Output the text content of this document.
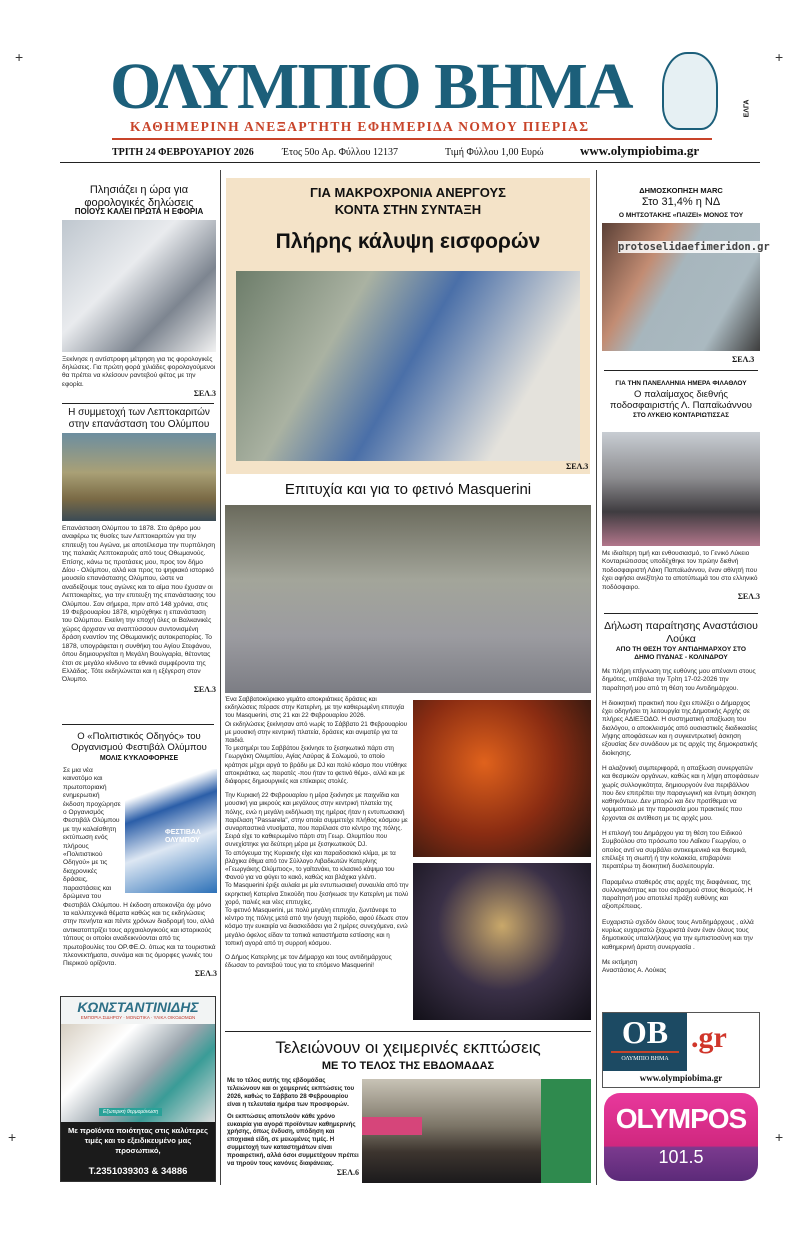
+	+
+	+
ΟΛΥΜΠΙΟ ΒΗΜΑ	ΕΛΓΑ
ΚΑΘΗΜΕΡΙΝΗ ΑΝΕΞΑΡΤΗΤΗ ΕΦΗΜΕΡΙΔΑ ΝΟΜΟΥ ΠΙΕΡΙΑΣ
ΤΡΙΤΗ 24 ΦΕΒΡΟΥΑΡΙΟΥ 2026	Έτος 50ο Αρ. Φύλλου 12137	Τιμή Φύλλου 1,00 Ευρώ	www.olympiobima.gr
Πλησιάζει η ώρα για φορολογικές δηλώσεις
ΠΟΙΟΥΣ ΚΑΛΕΙ ΠΡΩΤΑ Η ΕΦΟΡΙΑ

Ξεκίνησε η αντίστροφη μέτρηση για τις φορολογικές δηλώσεις. Για πρώτη φορά χιλιάδες φορολογούμενοι θα πρέπει να κλείσουν ραντεβού φέτος με την εφορία.

ΣΕΛ.3
Η συμμετοχή των Λεπτοκαριτών στην επανάσταση του Ολύμπου

Επανάσταση Ολύμπου το 1878. Στο άρθρο μου αναφέρω τις θυσίες των Λεπτοκαριτών για την επιτευξη του Αγώνα, με αποτέλεσμα την πυρπόληση της παλαιάς Λεπτοκαρυάς από τους Οθωμανούς. Επίσης, κάνω τις προτάσεις μου, προς τον δήμο Δίου - Ολύμπου, αλλά και προς το ψηφιακό ιστορικό μουσείο επανάστασης Ολύμπου, ώστε να αναδείξουμε τους αγώνες και το αίμα που έχυσαν οι Λεπτοκαρίτες, για την επιτευξη της επανάστασης του Ολύμπου. Σαν σήμερα, πριν από 148 χρόνια, στις 19 Φεβρουαρίου 1878, κηρύχθηκε η επανάσταση του Ολύμπου. Εκείνη την εποχή όλες οι Βαλκανικές χώρες άρχισαν να αναπτύσσουν συντονισμένη δράση εναντίον της Οθωμανικής αυτοκρατορίας. Το 1878, υπογράφεται η συνθήκη του Αγίου Στεφάνου, όπου δημιουργείται η Μεγάλη Βουλγαρία, θέτοντας έτσι σε μεγάλο κίνδυνο τα εθνικά συμφέροντα της Ελλάδας. Τότε εκδηλώνεται και η εξέγερση στον Όλυμπο.

ΣΕΛ.3
Ο «Πολιτιστικός Οδηγός» του Οργανισμού Φεστιβάλ Ολύμπου
ΜΟΛΙΣ ΚΥΚΛΟΦΟΡΗΣΕ
ΦΕΣΤΙΒΑΛ ΟΛΥΜΠΟΥ
Σε μια νέα καινοτόμο και πρωτοποριακή ενημερωτική έκδοση προχώρησε ο Οργανισμός Φεστιβάλ Ολύμπου με την καλαίσθητη εκτύπωση ενός πλήρους «Πολιτιστικού Οδηγού» με τις διαχρονικές δράσεις, παραστάσεις και δρώμενα του Φεστιβάλ Ολύμπου. Η έκδοση απεικονίζει όχι μόνο τα καλλιτεχνικά θέματα καθώς και τις εκδηλώσεις στην πενήντα και πέντε χρόνων διαδρομή του, αλλά αντικατοπτρίζει τους αρχαιολογικούς και ιστορικούς τόπους οι οποίοι αναδεικνύονται από τις πρωτοβουλίες του ΟΡ.ΦΕ.Ο. όπως και τα τουριστικά πλεονεκτήματα, συνάμα και τις όμορφες γωνιές του Πιερικού ορίζοντα.
ΣΕΛ.3
ΚΩΝΣΤΑΝΤΙΝΙΔΗΣ
ΕΜΠΟΡΙΑ ΣΙΔΗΡΟΥ · ΜΟΝΩΤΙΚΑ · ΥΛΙΚΑ ΟΙΚΟΔΟΜΩΝ
Εξωτερική θερμομόνωση
Με προϊόντα ποιότητας στις καλύτερες τιμές και το εξειδικευμένο μας προσωπικό,
Τ.2351039303 & 34886
ΓΙΑ ΜΑΚΡΟΧΡΟΝΙΑ ΑΝΕΡΓΟΥΣ
ΚΟΝΤΑ ΣΤΗΝ ΣΥΝΤΑΞΗ
Πλήρης κάλυψη εισφορών
ΣΕΛ.3
Επιτυχία και για το φετινό Masquerini

Ένα Σαββατοκύριακο γεμάτο αποκριάτικες δράσεις και εκδηλώσεις πέρασε στην Κατερίνη, με την καθιερωμένη επιτυχία του Masquerini, στις 21 και 22 Φεβρουαρίου 2026.
Οι εκδηλώσεις ξεκίνησαν από νωρίς το Σάββατο 21 Φεβρουαρίου με μουσική στην κεντρική πλατεία, δράσεις και ανιματέρ για τα παιδιά.
Το μεσημέρι του Σαββάτου ξεκίνησε το ξεσηκωτικό πάρτι στη Γεωργάκη Ολυμπίου, Αγίας Λαύρας & Σολωμού, το οποίο κράτησε μέχρι αργά το βράδυ με DJ και πολύ κόσμο που ντύθηκε αποκριάτικα, ως πειρατές -που ήταν το φετινό θέμα-, αλλά και με διάφορες δημιουργικές και επίκαιρες στολές.

Την Κυριακή 22 Φεβρουαρίου η μέρα ξεκίνησε με παιχνίδια και μουσική για μικρούς και μεγάλους στην κεντρική πλατεία της πόλης, ενώ η μεγάλη εκδήλωση της ημέρας ήταν η εντυπωσιακή παρέλαση "Passarela", στην οποία συμμετείχε πλήθος κόσμου με συναρπαστικά ντυσίματα, που παρέλασε στο κέντρο της πόλης.
Σειρά είχε το καθιερωμένο πάρτι στη Γεωρ. Ολυμπίου που συνεχίστηκε για δεύτερη μέρα με ξεσηκωτικούς DJ.
Το απόγευμα της Κυριακής είχε και παραδοσιακό κλίμα, με τα βλάχικα έθιμα από τον Σύλλογο Λιβαδιωτών Κατερίνης «Γεωργάκης Ολύμπιος», το γαϊτανάκι, το κλασικό κάψιμο του Φανού για να φύγει το κακό, καθώς και βλάχικα γλέντι.
Το Masquerini έριξε αυλαία με μία εντυπωσιακή συναυλία από την εκρηκτική Κατερίνα Στικούδη που ξεσήκωσε την Κατερίνη με πολύ χορό, παλιές και νέες επιτυχίες.
Το φετινό Masquerini, με πολύ μεγάλη επιτυχία, ζωντάνεψε το κέντρο της πόλης μετά από την ήσυχη περίοδο, αφού έδωσε στον κόσμο την ευκαιρία να διασκεδάσει για 2 ημέρες συνεχόμενα, ενώ μεγάλο όφελος είδαν τα τοπικά καταστήματα εστίασης και η τοπική αγορά από τη συρροή κόσμου.

Ο Δήμος Κατερίνης με τον Δήμαρχο και τους αντιδημάρχους έδωσαν το ραντεβού τους για το επόμενο Masquerini!

Τελειώνουν οι χειμερινές εκπτώσεις
ΜΕ ΤΟ ΤΕΛΟΣ ΤΗΣ ΕΒΔΟΜΑΔΑΣ

Με το τέλος αυτής της εβδομάδας τελειώνουν και οι χειμερινές εκπτώσεις του 2026, καθώς το Σάββατο 28 Φεβρουαρίου είναι η τελευταία ημέρα των προσφορών.

Οι εκπτώσεις αποτελούν κάθε χρόνο ευκαιρία για αγορά προϊόντων καθημερινής χρήσης, όπως ένδυση, υπόδηση και εποχιακά είδη, σε μειωμένες τιμές. Η συμμετοχή των καταστημάτων είναι προαιρετική, αλλά όσοι συμμετέχουν πρέπει να τηρούν τους κανόνες διαφάνειας.

ΣΕΛ.6
ΔΗΜΟΣΚΟΠΗΣΗ MARC
Στο 31,4% η ΝΔ
Ο ΜΗΤΣΟΤΑΚΗΣ «ΠΑΙΖΕΙ» ΜΟΝΟΣ ΤΟΥ
protoselidaefimeridon.gr
ΣΕΛ.3
ΓΙΑ ΤΗΝ ΠΑΝΕΛΛΗΝΙΑ ΗΜΕΡΑ ΦΙΛΑΘΛΟΥ
Ο παλαίμαχος διεθνής ποδοσφαιριστής Λ. Παπαϊωάννου
ΣΤΟ ΛΥΚΕΙΟ ΚΟΝΤΑΡΙΩΤΙΣΣΑΣ

Με ιδιαίτερη τιμή και ενθουσιασμό, το Γενικό Λύκειο Κονταριώτισσας υποδέχθηκε τον πρώην διεθνή ποδοσφαιριστή Λάκη Παπαϊωάννου, έναν αθλητή που έχει αφήσει ανεξίτηλο το αποτύπωμά του στο ελληνικό ποδόσφαιρο.

ΣΕΛ.3
Δήλωση παραίτησης Αναστάσιου Λούκα
ΑΠΟ ΤΗ ΘΕΣΗ ΤΟΥ ΑΝΤΙΔΗΜΑΡΧΟΥ ΣΤΟ ΔΗΜΟ ΠΥΔΝΑΣ - ΚΟΛΙΝΔΡΟΥ

Με πλήρη επίγνωση της ευθύνης μου απέναντι στους δημότες, υπέβαλα την Τρίτη 17-02-2026 την παραίτησή μου από τη θέση του Αντιδημάρχου.

Η διοικητική πρακτική που έχει επιλέξει ο Δήμαρχος έχει οδηγήσει τη λειτουργία της Δημοτικής Αρχής σε πλήρες ΑΔΙΕΞΟΔΟ. Η συστηματική απαξίωση του διαλόγου, ο αποκλεισμός από ουσιαστικές διαδικασίες λήψης αποφάσεων και η συγκεντρωτική άσκηση εξουσίας δεν συνάδουν με τις αρχές της δημοκρατικής διοίκησης.

Η αλαζονική συμπεριφορά, η απαξίωση συνεργατών και θεσμικών οργάνων, καθώς και η λήψη αποφάσεων χωρίς συλλογικότητα, δημιουργούν ένα περιβάλλον που δεν επιτρέπει την παραγωγική και έντιμη άσκηση καθηκόντων. Δεν μπορώ και δεν προτίθεμαι να νομιμοποιώ με την παρουσία μου πρακτικές που έρχονται σε αντίθεση με τις αρχές μου.

Η επιλογή του Δημάρχου για τη θέση του Ειδικού Συμβούλου στο πρόσωπο του Λαΐκου Γεωργίου, ο οποίος αντί να συμβάλει αντικειμενικά και θεσμικά, επέλεξε τη σιωπή ή την κολακεία, επιβαρύνει περαιτέρω τη διοικητική δυσλειτουργία.

Παραμένω σταθερός στις αρχές της διαφάνειας, της συλλογικότητας και του σεβασμού στους θεσμούς. Η παραίτησή μου αποτελεί πράξη ευθύνης και αξιοπρέπειας.

Ευχαριστώ σχεδόν όλους τους Αντιδημάρχους , αλλά κυρίως ευχαριστώ ξεχωριστά έναν έναν όλους τους δημοτικούς υπαλλήλους για την εμπιστοσύνη και την καθημερινή άριστη συνεργασία .

Με εκτίμηση
Αναστάσιος Α. Λούκας

ΟΒ
ΟΛΥΜΠΙΟ ΒΗΜΑ
.gr
www.olympiobima.gr
OLYMPOS
101.5
